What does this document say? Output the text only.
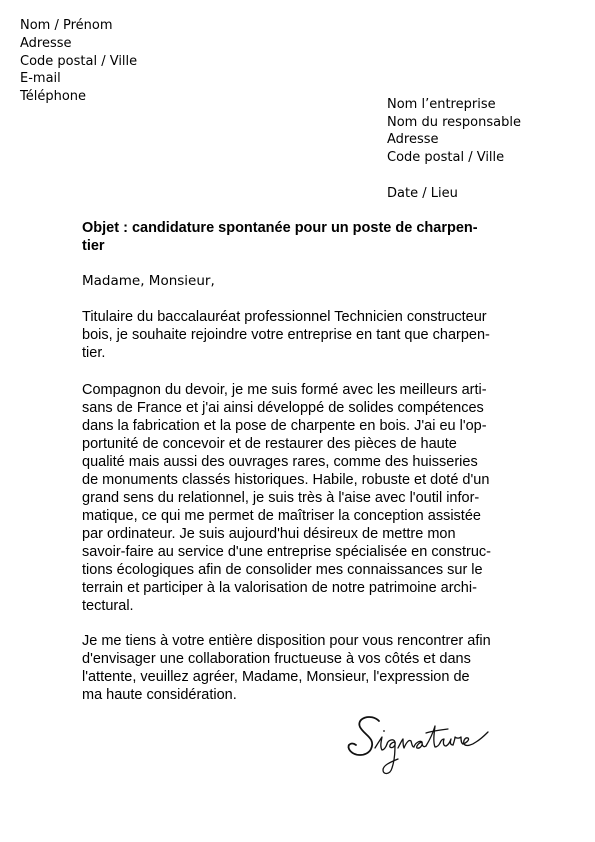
Nom / Prénom
Adresse
Code postal / Ville
E-mail
Téléphone
Nom l’entreprise
Nom du responsable
Adresse
Code postal / Ville
Date / Lieu
Objet : candidature spontanée pour un poste de charpen-
tier
Madame, Monsieur,
Titulaire du baccalauréat professionnel Technicien constructeur
bois, je souhaite rejoindre votre entreprise en tant que charpen-
tier.
Compagnon du devoir, je me suis formé avec les meilleurs arti-
sans de France et j'ai ainsi développé de solides compétences
dans la fabrication et la pose de charpente en bois. J'ai eu l'op-
portunité de concevoir et de restaurer des pièces de haute
qualité mais aussi des ouvrages rares, comme des huisseries
de monuments classés historiques. Habile, robuste et doté d'un
grand sens du relationnel, je suis très à l'aise avec l'outil infor-
matique, ce qui me permet de maîtriser la conception assistée
par ordinateur. Je suis aujourd'hui désireux de mettre mon
savoir-faire au service d'une entreprise spécialisée en construc-
tions écologiques afin de consolider mes connaissances sur le
terrain et participer à la valorisation de notre patrimoine archi-
tectural.
Je me tiens à votre entière disposition pour vous rencontrer afin
d'envisager une collaboration fructueuse à vos côtés et dans
l'attente, veuillez agréer, Madame, Monsieur, l'expression de
ma haute considération.
